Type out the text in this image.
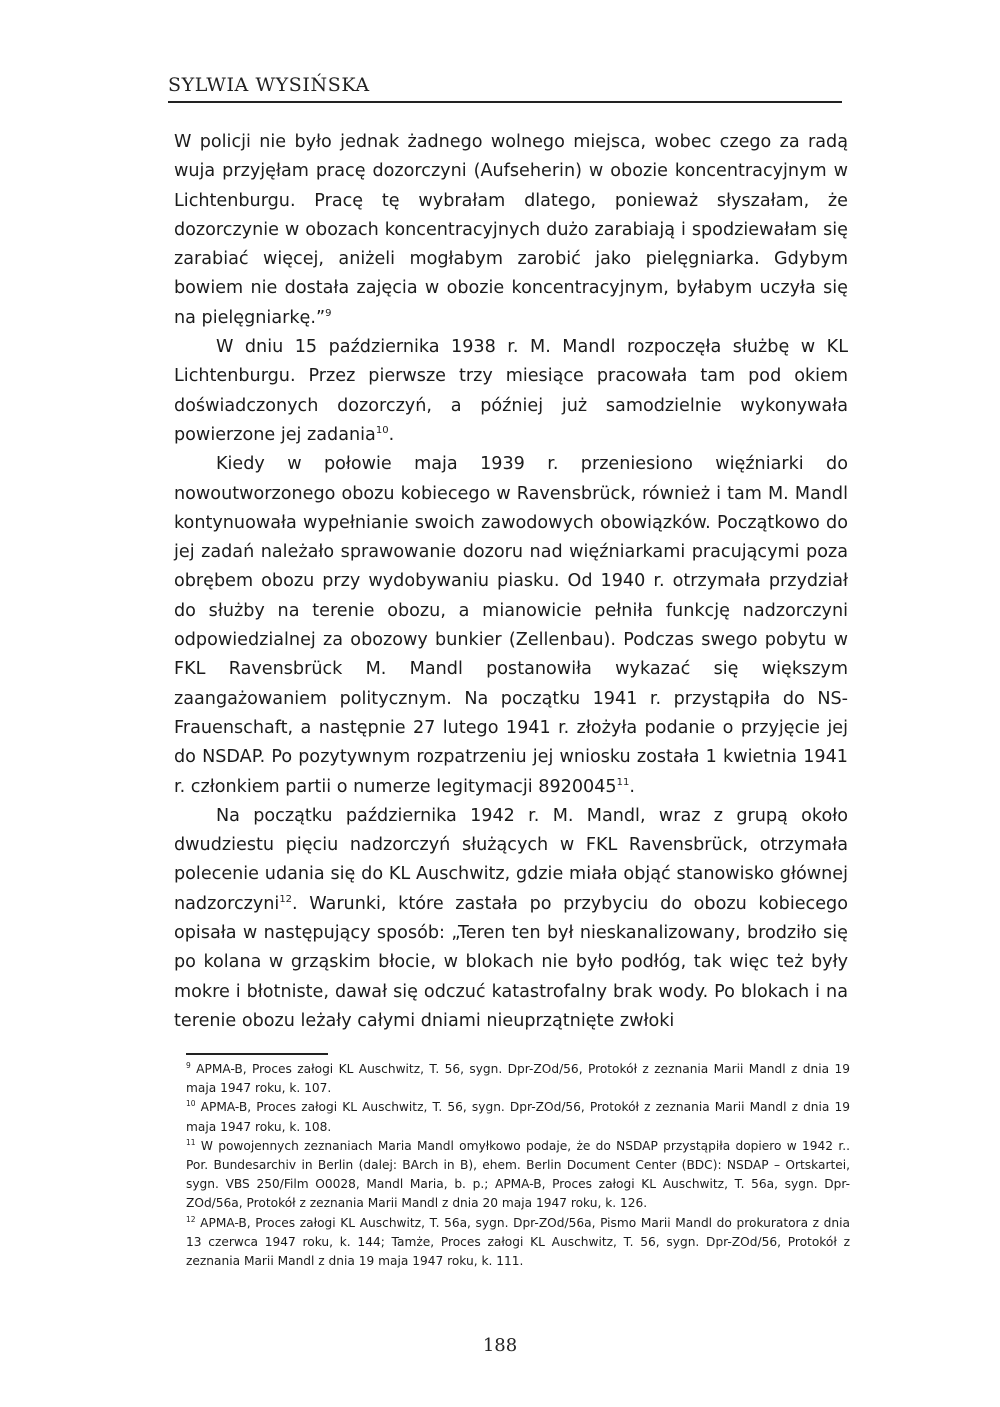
SYLWIA WYSIŃSKA

W policji nie było jednak żadnego wolnego miejsca, wobec czego za radą wuja przyjęłam pracę dozorczyni (Aufseherin) w obozie koncentracyjnym w Lichtenburgu. Pracę tę wybrałam dlatego, ponieważ słyszałam, że dozorczynie w obozach koncentracyjnych dużo zarabiają i spodziewałam się zarabiać więcej, aniżeli mogłabym zarobić jako pielęgniarka. Gdybym bowiem nie dostała zajęcia w obozie koncentracyjnym, byłabym uczyła się na pielęgniarkę.”$^9$

W dniu 15 października 1938 r. M. Mandl rozpoczęła służbę w KL Lichtenburgu. Przez pierwsze trzy miesiące pracowała tam pod okiem doświadczonych dozorczyń, a później już samodzielnie wykonywała powierzone jej zadania$^{10}$.

Kiedy w połowie maja 1939 r. przeniesiono więźniarki do nowoutworzonego obozu kobiecego w Ravensbrück, również i tam M. Mandl kontynuowała wypełnianie swoich zawodowych obowiązków. Początkowo do jej zadań należało sprawowanie dozoru nad więźniarkami pracującymi poza obrębem obozu przy wydobywaniu piasku. Od 1940 r. otrzymała przydział do służby na terenie obozu, a mianowicie pełniła funkcję nadzorczyni odpowiedzialnej za obozowy bunkier (Zellenbau). Podczas swego pobytu w FKL Ravensbrück M. Mandl postanowiła wykazać się większym zaangażowaniem politycznym. Na początku 1941 r. przystąpiła do NS-Frauenschaft, a następnie 27 lutego 1941 r. złożyła podanie o przyjęcie jej do NSDAP. Po pozytywnym rozpatrzeniu jej wniosku została 1 kwietnia 1941 r. członkiem partii o numerze legitymacji 8920045$^{11}$.

Na początku października 1942 r. M. Mandl, wraz z grupą około dwudziestu pięciu nadzorczyń służących w FKL Ravensbrück, otrzymała polecenie udania się do KL Auschwitz, gdzie miała objąć stanowisko głównej nadzorczyni$^{12}$. Warunki, które zastała po przybyciu do obozu kobiecego opisała w następujący sposób: „Teren ten był nieskanalizowany, brodziło się po kolana w grząskim błocie, w blokach nie było podłóg, tak więc też były mokre i błotniste, dawał się odczuć katastrofalny brak wody. Po blokach i na terenie obozu leżały całymi dniami nieuprzątnięte zwłoki

$^9$ APMA-B, Proces załogi KL Auschwitz, T. 56, sygn. Dpr-ZOd/56, Protokół z zeznania Marii Mandl z dnia 19 maja 1947 roku, k. 107.

$^{10}$ APMA-B, Proces załogi KL Auschwitz, T. 56, sygn. Dpr-ZOd/56, Protokół z zeznania Marii Mandl z dnia 19 maja 1947 roku, k. 108.

$^{11}$ W powojennych zeznaniach Maria Mandl omyłkowo podaje, że do NSDAP przystąpiła dopiero w 1942 r.. Por. Bundesarchiv in Berlin (dalej: BArch in B), ehem. Berlin Document Center (BDC): NSDAP – Ortskartei, sygn. VBS 250/Film O0028, Mandl Maria, b. p.; APMA-B, Proces załogi KL Auschwitz, T. 56a, sygn. Dpr-ZOd/56a, Protokół z zeznania Marii Mandl z dnia 20 maja 1947 roku, k. 126.

$^{12}$ APMA-B, Proces załogi KL Auschwitz, T. 56a, sygn. Dpr-ZOd/56a, Pismo Marii Mandl do prokuratora z dnia 13 czerwca 1947 roku, k. 144; Tamże, Proces załogi KL Auschwitz, T. 56, sygn. Dpr-ZOd/56, Protokół z zeznania Marii Mandl z dnia 19 maja 1947 roku, k. 111.

188
